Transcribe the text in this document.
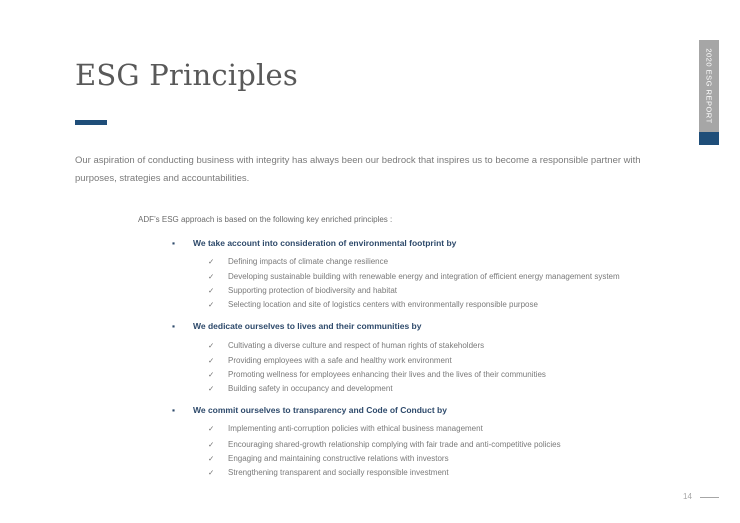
ESG Principles

Our aspiration of conducting business with integrity has always been our bedrock that inspires us to become a responsible partner with purposes, strategies and accountabilities.

2020 ESG REPORT

ADF’s ESG approach is based on the following key enriched principles :

▪ We take account into consideration of environmental footprint by
✓ Defining impacts of climate change resilience
✓ Developing sustainable building with renewable energy and integration of efficient energy management system
✓ Supporting protection of biodiversity and habitat
✓ Selecting location and site of logistics centers with environmentally responsible purpose
▪ We dedicate ourselves to lives and their communities by
✓ Cultivating a diverse culture and respect of human rights of stakeholders
✓ Providing employees with a safe and healthy work environment
✓ Promoting wellness for employees enhancing their lives and the lives of their communities
✓ Building safety in occupancy and development
▪ We commit ourselves to transparency and Code of Conduct by
✓ Implementing anti-corruption policies with ethical business management
✓ Encouraging shared-growth relationship complying with fair trade and anti-competitive policies
✓ Engaging and maintaining constructive relations with investors
✓ Strengthening transparent and socially responsible investment
14
